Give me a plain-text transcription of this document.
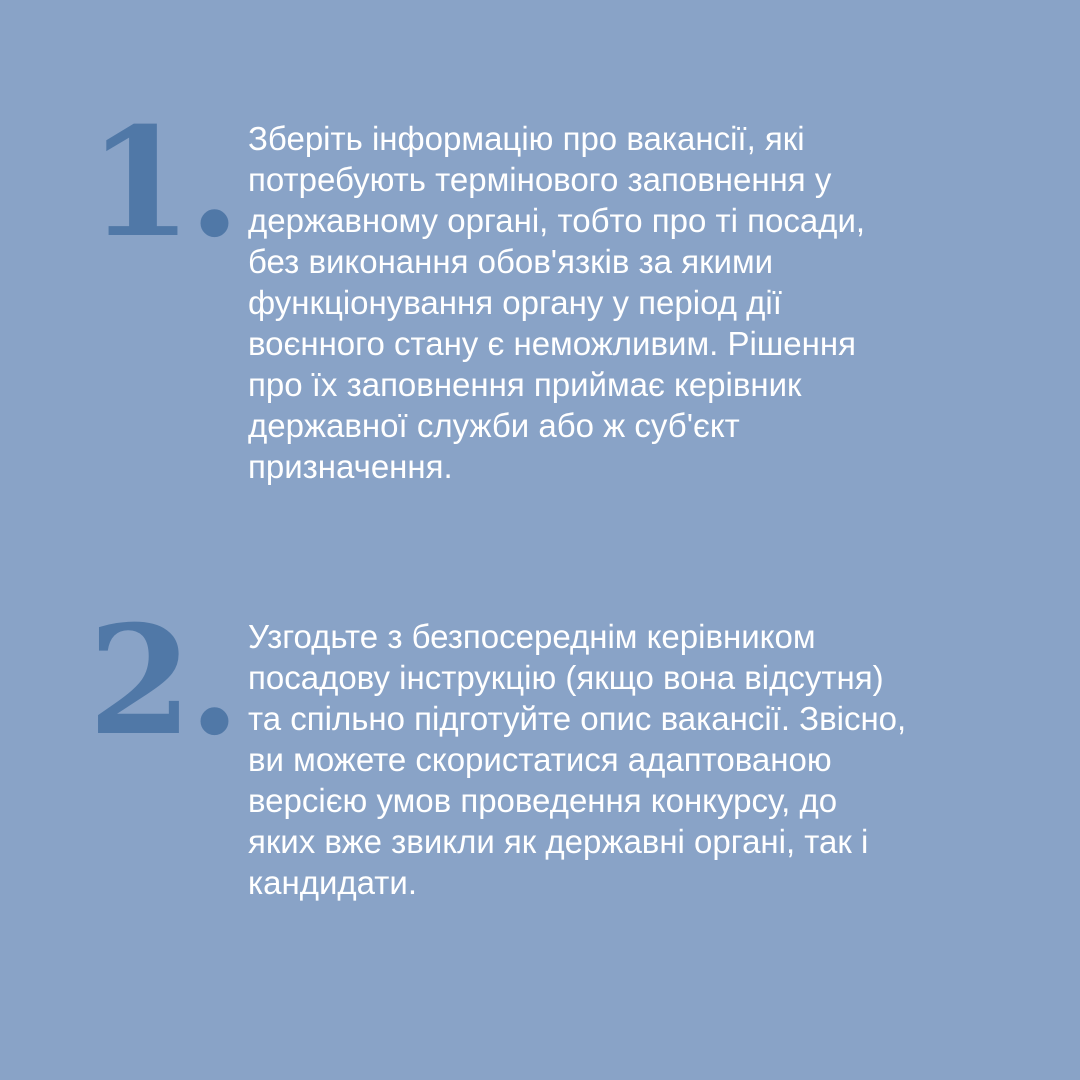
1. Зберіть інформацію про вакансії, які
потребують термінового заповнення у
державному органі, тобто про ті посади,
без виконання обов'язків за якими
функціонування органу у період дії
воєнного стану є неможливим. Рішення
про їх заповнення приймає керівник
державної служби або ж суб'єкт
призначення.

2. Узгодьте з безпосереднім керівником
посадову інструкцію (якщо вона відсутня)
та спільно підготуйте опис вакансії. Звісно,
ви можете скористатися адаптованою
версією умов проведення конкурсу, до
яких вже звикли як державні органі, так і
кандидати.
